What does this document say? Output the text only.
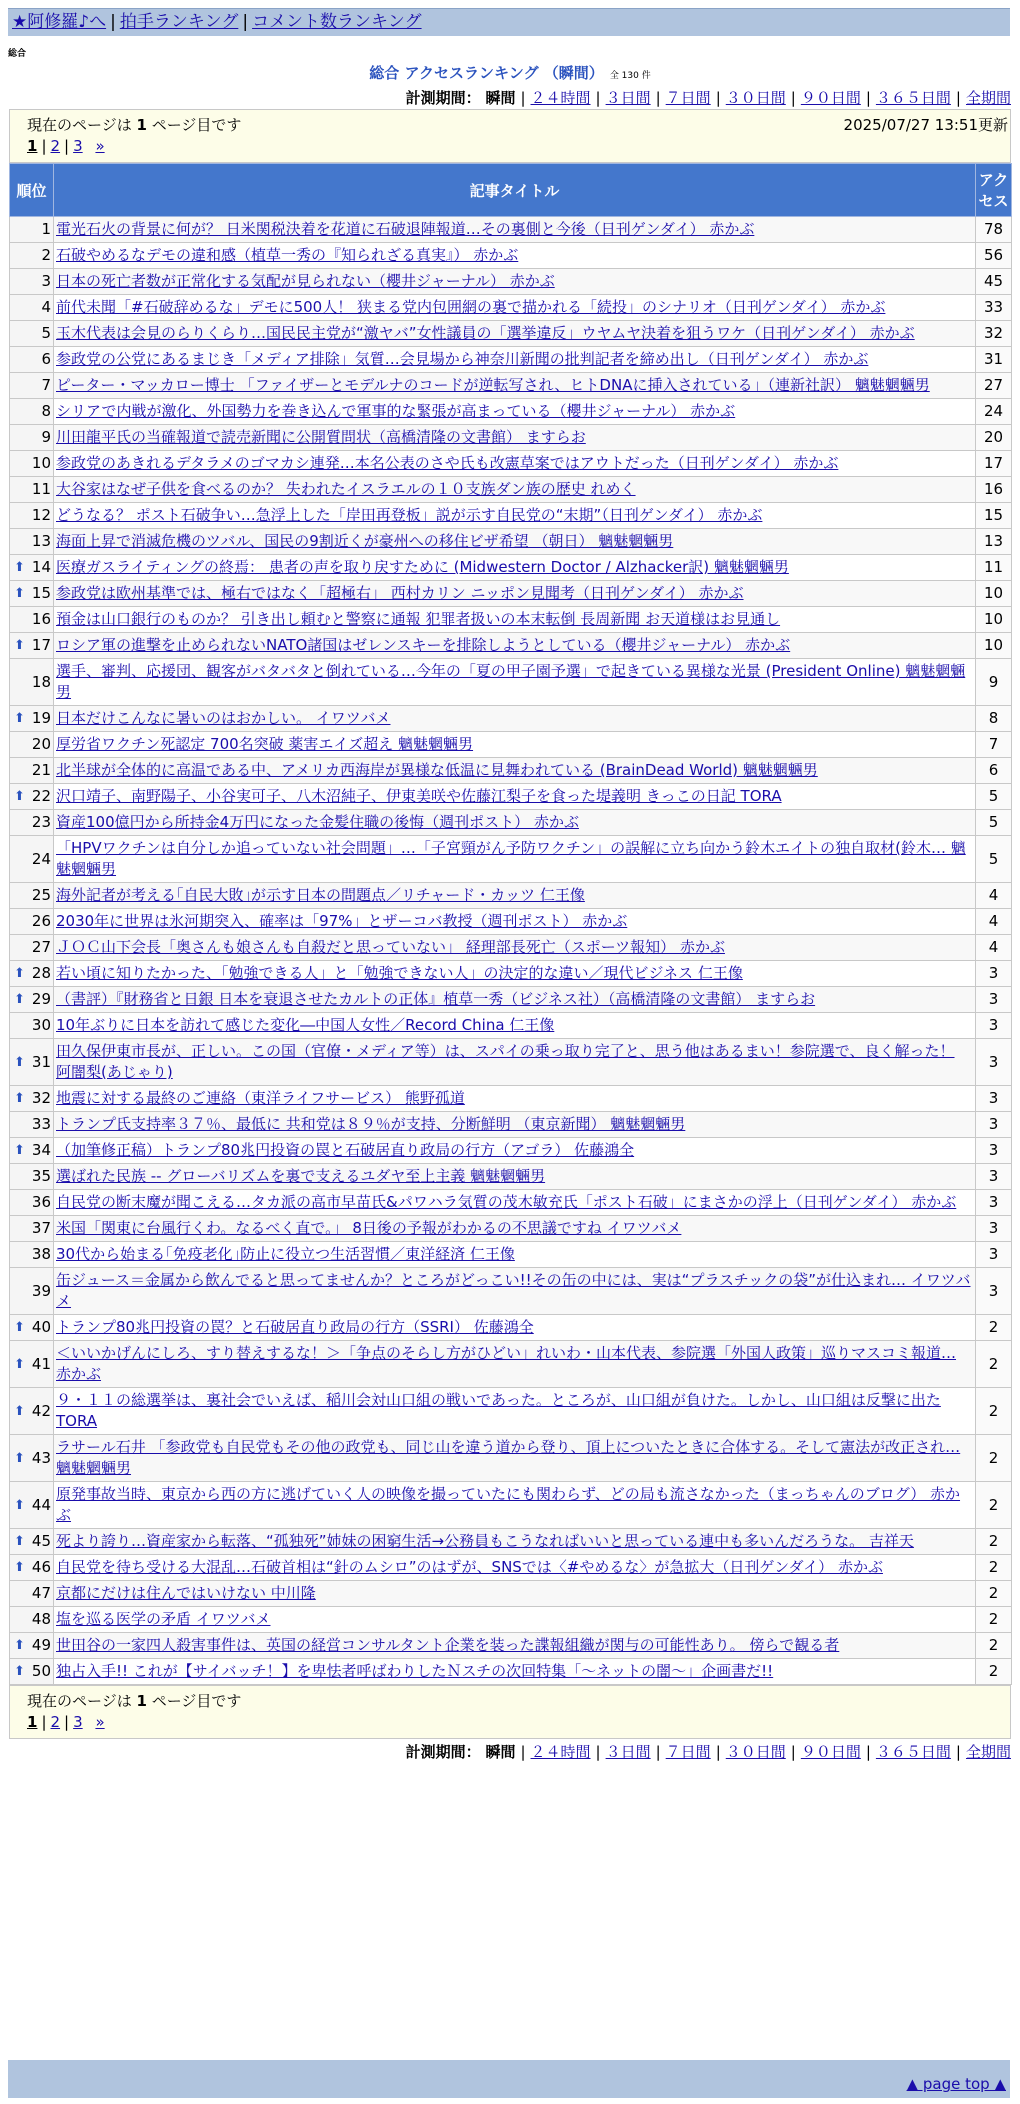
★阿修羅♪へ | 拍手ランキング | コメント数ランキング
総合
総合 アクセスランキング （瞬間） 全 130 件
計測期間： 瞬間 | ２４時間 | ３日間 | ７日間 | ３０日間 | ９０日間 | ３６５日間 | 全期間
現在のページは 1 ページ目です	2025/07/27 13:51更新
1 | 2 | 3 »
順位	記事タイトル	アクセス
1	電光石火の背景に何が？ 日米関税決着を花道に石破退陣報道…その裏側と今後（日刊ゲンダイ） 赤かぶ	78
2	石破やめるなデモの違和感（植草一秀の『知られざる真実』） 赤かぶ	56
3	日本の死亡者数が正常化する気配が見られない（櫻井ジャーナル） 赤かぶ	45
4	前代未聞「#石破辞めるな」デモに500人！ 狭まる党内包囲網の裏で描かれる「続投」のシナリオ（日刊ゲンダイ） 赤かぶ	33
5	玉木代表は会見のらりくらり…国民民主党が“激ヤバ”女性議員の「選挙違反」ウヤムヤ決着を狙うワケ（日刊ゲンダイ） 赤かぶ	32
6	参政党の公党にあるまじき「メディア排除」気質…会見場から神奈川新聞の批判記者を締め出し（日刊ゲンダイ） 赤かぶ	31
7	ピーター・マッカロー博士 「ファイザーとモデルナのコードが逆転写され、ヒトDNAに挿入されている」（連新社訳） 魑魅魍魎男	27
8	シリアで内戦が激化、外国勢力を巻き込んで軍事的な緊張が高まっている（櫻井ジャーナル） 赤かぶ	24
9	川田龍平氏の当確報道で読売新聞に公開質問状（高橋清隆の文書館） ますらお	20
10	参政党のあきれるデタラメのゴマカシ連発…本名公表のさや氏も改憲草案ではアウトだった（日刊ゲンダイ） 赤かぶ	17
11	大谷家はなぜ子供を食べるのか？ 失われたイスラエルの１０支族ダン族の歴史 れめく	16
12	どうなる？ ポスト石破争い…急浮上した「岸田再登板」説が示す自民党の“末期”（日刊ゲンダイ） 赤かぶ	15
13	海面上昇で消滅危機のツバル、国民の9割近くが豪州への移住ビザ希望 （朝日） 魑魅魍魎男	13

⬆ 14	医療ガスライティングの終焉： 患者の声を取り戻すために (Midwestern Doctor / Alzhacker訳) 魑魅魍魎男	11

⬆ 15	参政党は欧州基準では、極右ではなく「超極右」 西村カリン ニッポン見聞考（日刊ゲンダイ） 赤かぶ	10
16	預金は山口銀行のものか？ 引き出し頼むと警察に通報 犯罪者扱いの本末転倒 長周新聞 お天道様はお見通し	10

⬆ 17	ロシア軍の進撃を止められないNATO諸国はゼレンスキーを排除しようとしている（櫻井ジャーナル） 赤かぶ	10
18	選手、審判、応援団、観客がバタバタと倒れている…今年の「夏の甲子園予選」で起きている異様な光景 (President Online) 魑魅魍魎男	9

⬆ 19	日本だけこんなに暑いのはおかしい。 イワツバメ	8
20	厚労省ワクチン死認定 700名突破 薬害エイズ超え 魑魅魍魎男	7
21	北半球が全体的に高温である中、アメリカ西海岸が異様な低温に見舞われている (BrainDead World) 魑魅魍魎男	6

⬆ 22	沢口靖子、南野陽子、小谷実可子、八木沼純子、伊東美咲や佐藤江梨子を食った堤義明 きっこの日記 TORA	5
23	資産100億円から所持金4万円になった金髪住職の後悔（週刊ポスト） 赤かぶ	5
24	「HPVワクチンは自分しか追っていない社会問題」…「子宮頸がん予防ワクチン」の誤解に立ち向かう鈴木エイトの独自取材(鈴木… 魑魅魍魎男	5
25	海外記者が考える｢自民大敗｣が示す日本の問題点／リチャード・カッツ 仁王像	4
26	2030年に世界は氷河期突入、確率は「97%」とザーコバ教授（週刊ポスト） 赤かぶ	4
27	ＪＯＣ山下会長「奥さんも娘さんも自殺だと思っていない」 経理部長死亡（スポーツ報知） 赤かぶ	4

⬆ 28	若い頃に知りたかった、「勉強できる人」と「勉強できない人」の決定的な違い／現代ビジネス 仁王像	3

⬆ 29	（書評）『財務省と日銀 日本を衰退させたカルトの正体』植草一秀（ビジネス社）（高橋清隆の文書館） ますらお	3
30	10年ぶりに日本を訪れて感じた変化―中国人女性／Record China 仁王像	3

⬆ 31	田久保伊東市長が、正しい。この国（官僚・メディア等）は、スパイの乗っ取り完了と、思う他はあるまい！参院選で、良く解った！ 阿闇梨(あじゃり)	3

⬆ 32	地震に対する最終のご連絡（東洋ライフサービス） 熊野孤道	3
33	トランプ氏支持率３７％、最低に 共和党は８９％が支持、分断鮮明 （東京新聞） 魑魅魍魎男	3

⬆ 34	（加筆修正稿）トランプ80兆円投資の罠と石破居直り政局の行方（アゴラ） 佐藤鴻全	3
35	選ばれた民族 -- グローバリズムを裏で支えるユダヤ至上主義 魑魅魍魎男	3
36	自民党の断末魔が聞こえる…タカ派の高市早苗氏&パワハラ気質の茂木敏充氏「ポスト石破」にまさかの浮上（日刊ゲンダイ） 赤かぶ	3
37	米国「関東に台風行くわ。なるべく直で。」 8日後の予報がわかるの不思議ですね イワツバメ	3
38	30代から始まる｢免疫老化｣防止に役立つ生活習慣／東洋経済 仁王像	3
39	缶ジュース＝金属から飲んでると思ってませんか？ところがどっこい!!その缶の中には、実は“プラスチックの袋”が仕込まれ… イワツバメ	3

⬆ 40	トランプ80兆円投資の罠？と石破居直り政局の行方（SSRI） 佐藤鴻全	2

⬆ 41	＜いいかげんにしろ、すり替えするな！＞「争点のそらし方がひどい」れいわ・山本代表、参院選「外国人政策」巡りマスコミ報道… 赤かぶ	2

⬆ 42	９・１１の総選挙は、裏社会でいえば、稲川会対山口組の戦いであった。ところが、山口組が負けた。しかし、山口組は反撃に出た TORA	2

⬆ 43	ラサール石井 「参政党も自民党もその他の政党も、同じ山を違う道から登り、頂上についたときに合体する。そして憲法が改正され… 魑魅魍魎男	2

⬆ 44	原発事故当時、東京から西の方に逃げていく人の映像を撮っていたにも関わらず、どの局も流さなかった（まっちゃんのブログ） 赤かぶ	2

⬆ 45	死より誇り…資産家から転落、“孤独死”姉妹の困窮生活→公務員もこうなればいいと思っている連中も多いんだろうな。 吉祥天	2

⬆ 46	自民党を待ち受ける大混乱…石破首相は“針のムシロ”のはずが、SNSでは〈#やめるな〉が急拡大（日刊ゲンダイ） 赤かぶ	2
47	京都にだけは住んではいけない 中川隆	2
48	塩を巡る医学の矛盾 イワツバメ	2

⬆ 49	世田谷の一家四人殺害事件は、英国の経営コンサルタント企業を装った諜報組織が関与の可能性あり。 傍らで観る者	2

⬆ 50	独占入手!! これが【サイバッチ！】を卑怯者呼ばわりしたＮスチの次回特集「～ネットの闇～」企画書だ!!	2
現在のページは 1 ページ目です
1 | 2 | 3 »
計測期間： 瞬間 | ２４時間 | ３日間 | ７日間 | ３０日間 | ９０日間 | ３６５日間 | 全期間
▲ page top ▲
